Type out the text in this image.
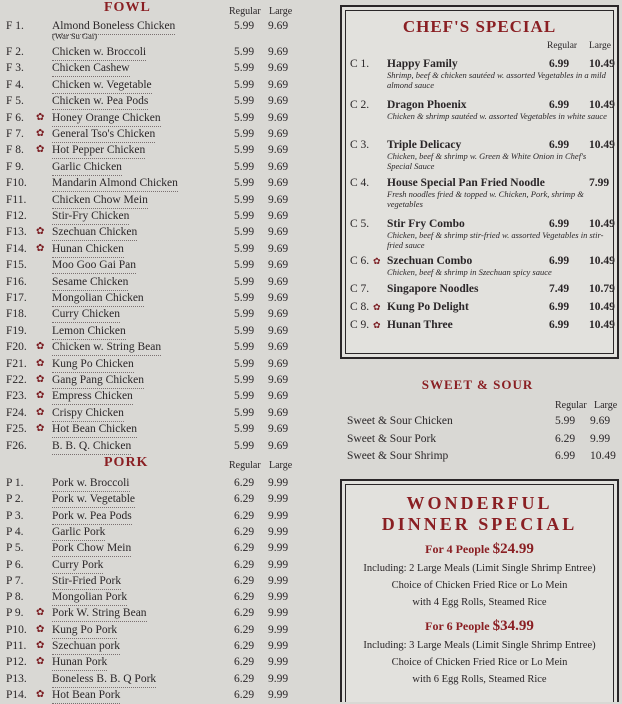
FOWL	Regular Large
F 1. Almond Boneless Chicken	5.99 9.69
(War Su Gai)
F 2. Chicken w. Broccoli	5.99 9.69
F 3. Chicken Cashew	5.99 9.69
F 4. Chicken w. Vegetable	5.99 9.69
F 5. Chicken w. Pea Pods	5.99 9.69
F 6. ✿ Honey Orange Chicken	5.99 9.69
F 7. ✿ General Tso's Chicken	5.99 9.69
F 8. ✿ Hot Pepper Chicken	5.99 9.69
F 9. Garlic Chicken	5.99 9.69
F10. Mandarin Almond Chicken	5.99 9.69
F11. Chicken Chow Mein	5.99 9.69
F12. Stir-Fry Chicken	5.99 9.69
F13. ✿ Szechuan Chicken	5.99 9.69
F14. ✿ Hunan Chicken	5.99 9.69
F15. Moo Goo Gai Pan	5.99 9.69
F16. Sesame Chicken	5.99 9.69
F17. Mongolian Chicken	5.99 9.69
F18. Curry Chicken	5.99 9.69
F19. Lemon Chicken	5.99 9.69
F20. ✿ Chicken w. String Bean	5.99 9.69
F21. ✿ Kung Po Chicken	5.99 9.69
F22. ✿ Gang Pang Chicken	5.99 9.69
F23. ✿ Empress Chicken	5.99 9.69
F24. ✿ Crispy Chicken	5.99 9.69
F25. ✿ Hot Bean Chicken	5.99 9.69
F26. B. B. Q. Chicken	5.99 9.69
PORK	Regular Large
P 1. Pork w. Broccoli	6.29 9.99
P 2. Pork w. Vegetable	6.29 9.99
P 3. Pork w. Pea Pods	6.29 9.99
P 4. Garlic Pork	6.29 9.99
P 5. Pork Chow Mein	6.29 9.99
P 6. Curry Pork	6.29 9.99
P 7. Stir-Fried Pork	6.29 9.99
P 8. Mongolian Pork	6.29 9.99
P 9. ✿ Pork W. String Bean	6.29 9.99
P10. ✿ Kung Po Pork	6.29 9.99
P11. ✿ Szechuan pork	6.29 9.99
P12. ✿ Hunan Pork	6.29 9.99
P13. Boneless B. B. Q Pork	6.29 9.99
P14. ✿ Hot Bean Pork	6.29 9.99
CHEF'S SPECIAL
Regular Large
C 1. Happy Family	6.99 10.49
Shrimp, beef & chicken sautéed w. assorted Vegetables in a mild almond sauce
C 2. Dragon Phoenix	6.99 10.49
Chicken & shrimp sautéed w. assorted Vegetables in white sauce
C 3. Triple Delicacy	6.99 10.49
Chicken, beef & shrimp w. Green & White Onion in Chef's Special Sauce
C 4. House Special Pan Fried Noodle	7.99
Fresh noodles fried & topped w. Chicken, Pork, shrimp & vegetables
C 5. Stir Fry Combo	6.99 10.49
Chicken, beef & shrimp stir-fried w. assorted Vegetables in stir- fried sauce
C 6. ✿ Szechuan Combo	6.99 10.49
Chicken, beef & shrimp in Szechuan spicy sauce
C 7. Singapore Noodles	7.49 10.79
C 8. ✿ Kung Po Delight	6.99 10.49
C 9. ✿ Hunan Three	6.99 10.49
SWEET & SOUR
Regular Large
Sweet & Sour Chicken	5.99 9.69
Sweet & Sour Pork	6.29 9.99
Sweet & Sour Shrimp	6.99 10.49
WONDERFUL
DINNER SPECIAL
For 4 People $24.99
Including: 2 Large Meals (Limit Single Shrimp Entree)
Choice of Chicken Fried Rice or Lo Mein
with 4 Egg Rolls, Steamed Rice
For 6 People $34.99
Including: 3 Large Meals (Limit Single Shrimp Entree)
Choice of Chicken Fried Rice or Lo Mein
with 6 Egg Rolls, Steamed Rice
